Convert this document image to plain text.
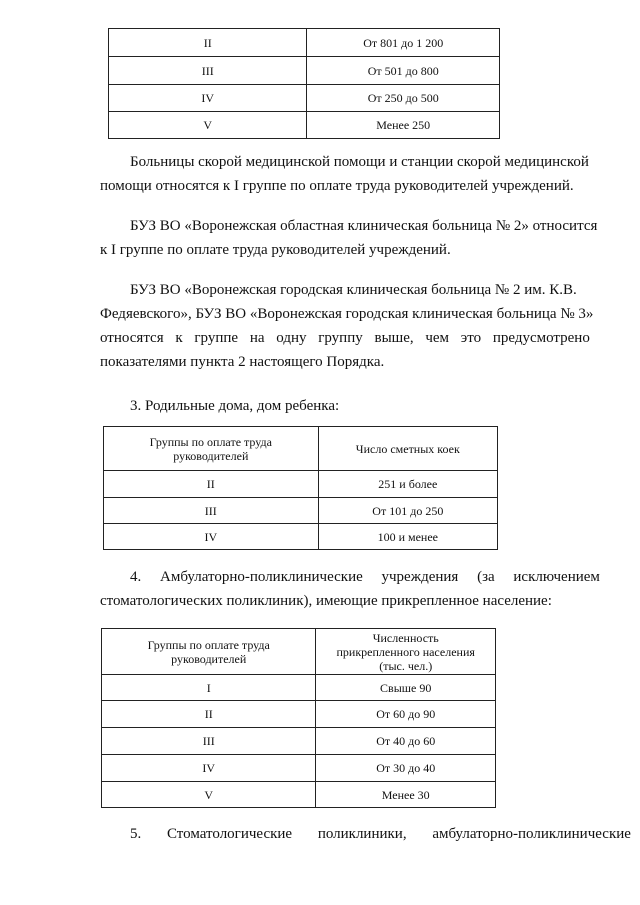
II	От 801 до 1 200
III	От 501 до 800
IV	От 250 до 500
V	Менее 250
Больницы скорой медицинской помощи и станции скорой медицинской
помощи относятся к I группе по оплате труда руководителей учреждений.
БУЗ ВО «Воронежская областная клиническая больница № 2» относится
к I группе по оплате труда руководителей учреждений.
БУЗ ВО «Воронежская городская клиническая больница № 2 им. К.В.
Федяевского», БУЗ ВО «Воронежская городская клиническая больница № 3»
относятся к группе на одну группу выше, чем это предусмотрено
показателями пункта 2 настоящего Порядка.
3. Родильные дома, дом ребенка:
Группы по оплате труда руководителей	Число сметных коек
II	251 и более
III	От 101 до 250
IV	100 и менее
4. Амбулаторно-поликлинические учреждения (за исключением
стоматологических поликлиник), имеющие прикрепленное население:
Группы по оплате труда руководителей	Численность прикрепленного населения (тыс. чел.)
I	Свыше 90
II	От 60 до 90
III	От 40 до 60
IV	От 30 до 40
V	Менее 30
5. Стоматологические поликлиники, амбулаторно-поликлинические
